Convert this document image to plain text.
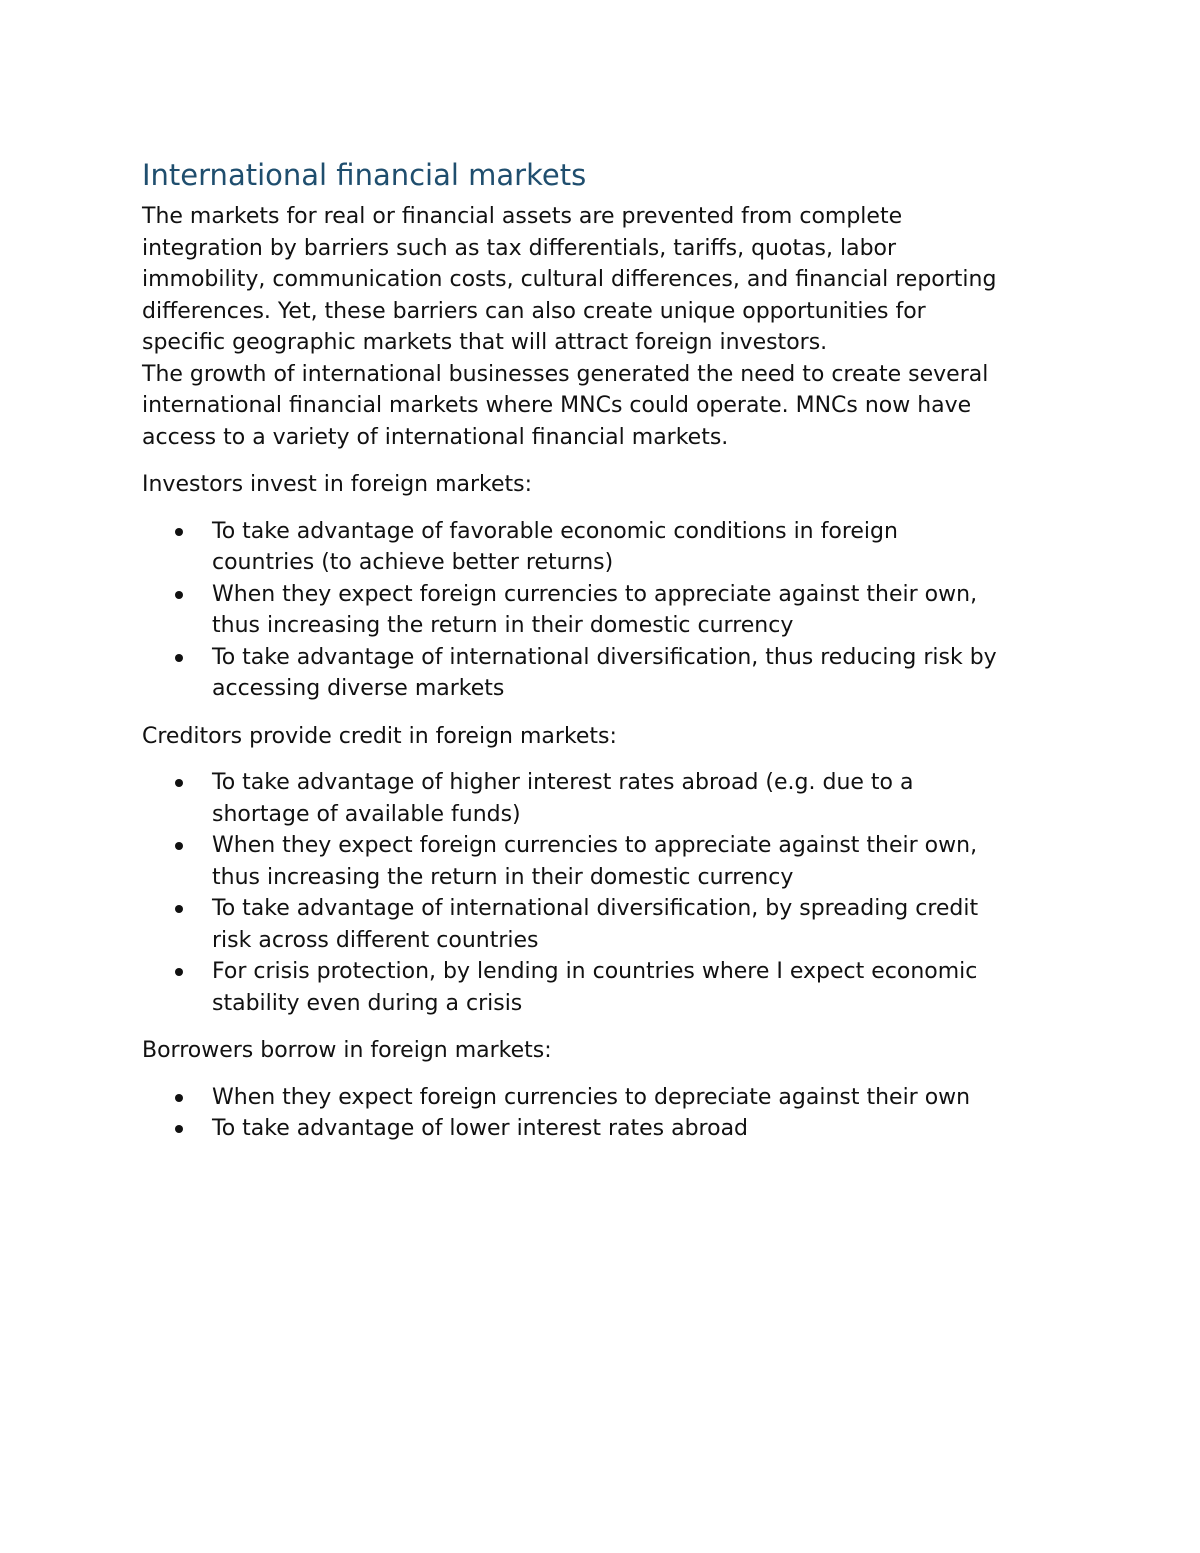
International financial markets

The markets for real or financial assets are prevented from complete
integration by barriers such as tax differentials, tariffs, quotas, labor
immobility, communication costs, cultural differences, and financial reporting
differences. Yet, these barriers can also create unique opportunities for
specific geographic markets that will attract foreign investors.

The growth of international businesses generated the need to create several
international financial markets where MNCs could operate. MNCs now have
access to a variety of international financial markets.

Investors invest in foreign markets:

To take advantage of favorable economic conditions in foreign
countries (to achieve better returns)
When they expect foreign currencies to appreciate against their own,
thus increasing the return in their domestic currency
To take advantage of international diversification, thus reducing risk by
accessing diverse markets

Creditors provide credit in foreign markets:

To take advantage of higher interest rates abroad (e.g. due to a
shortage of available funds)
When they expect foreign currencies to appreciate against their own,
thus increasing the return in their domestic currency
To take advantage of international diversification, by spreading credit
risk across different countries
For crisis protection, by lending in countries where I expect economic
stability even during a crisis

Borrowers borrow in foreign markets:

When they expect foreign currencies to depreciate against their own
To take advantage of lower interest rates abroad
